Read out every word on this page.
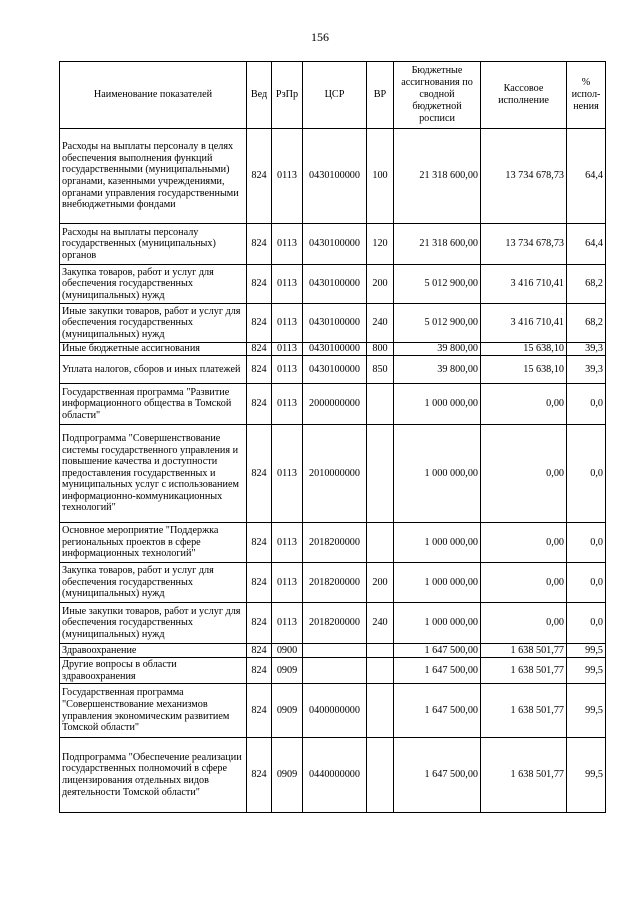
156
Наименование показателей	Вед	РзПр	ЦСР	ВР	Бюджетные ассигнования по сводной бюджетной росписи	Кассовое исполнение	% испол-нения
Расходы на выплаты персоналу в целях обеспечения выполнения функций государственными (муниципальными) органами, казенными учреждениями, органами управления государственными внебюджетными фондами	824	0113	0430100000	100	21 318 600,00	13 734 678,73	64,4
Расходы на выплаты персоналу государственных (муниципальных) органов	824	0113	0430100000	120	21 318 600,00	13 734 678,73	64,4
Закупка товаров, работ и услуг для обеспечения государственных (муниципальных) нужд	824	0113	0430100000	200	5 012 900,00	3 416 710,41	68,2
Иные закупки товаров, работ и услуг для обеспечения государственных (муниципальных) нужд	824	0113	0430100000	240	5 012 900,00	3 416 710,41	68,2
Иные бюджетные ассигнования	824	0113	0430100000	800	39 800,00	15 638,10	39,3
Уплата налогов, сборов и иных платежей	824	0113	0430100000	850	39 800,00	15 638,10	39,3
Государственная программа "Развитие информационного общества в Томской области"	824	0113	2000000000		1 000 000,00	0,00	0,0
Подпрограмма "Совершенствование системы государственного управления и повышение качества и доступности предоставления государственных и муниципальных услуг с использованием информационно-коммуникационных технологий"	824	0113	2010000000		1 000 000,00	0,00	0,0
Основное мероприятие "Поддержка региональных проектов в сфере информационных технологий"	824	0113	2018200000		1 000 000,00	0,00	0,0
Закупка товаров, работ и услуг для обеспечения государственных (муниципальных) нужд	824	0113	2018200000	200	1 000 000,00	0,00	0,0
Иные закупки товаров, работ и услуг для обеспечения государственных (муниципальных) нужд	824	0113	2018200000	240	1 000 000,00	0,00	0,0
Здравоохранение	824	0900			1 647 500,00	1 638 501,77	99,5
Другие вопросы в области здравоохранения	824	0909			1 647 500,00	1 638 501,77	99,5
Государственная программа "Совершенствование механизмов управления экономическим развитием Томской области"	824	0909	0400000000		1 647 500,00	1 638 501,77	99,5
Подпрограмма "Обеспечение реализации государственных полномочий в сфере лицензирования отдельных видов деятельности Томской области"	824	0909	0440000000		1 647 500,00	1 638 501,77	99,5
